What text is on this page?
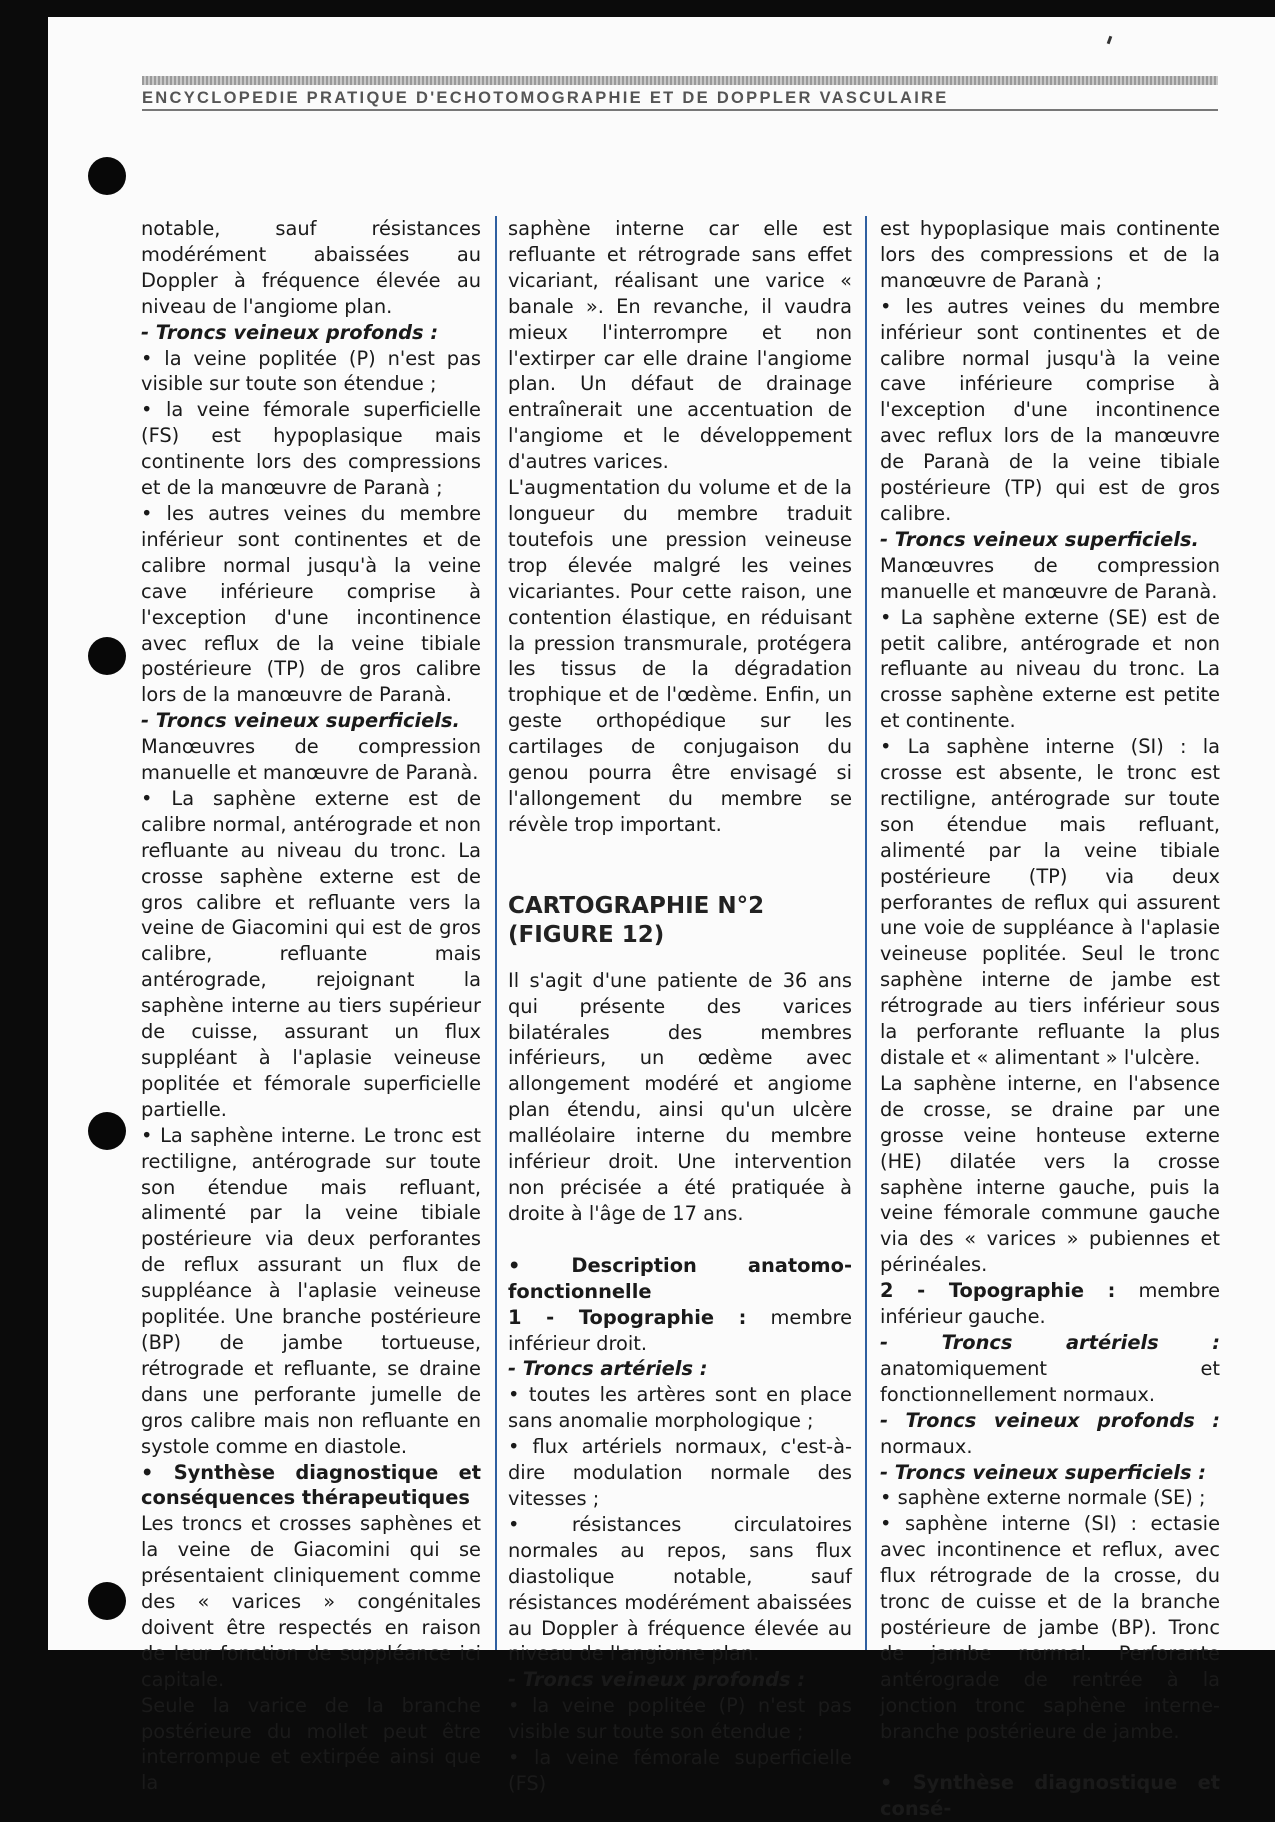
ENCYCLOPEDIE PRATIQUE D'ECHOTOMOGRAPHIE ET DE DOPPLER VASCULAIRE

notable, sauf résistances modérément abaissées au Doppler à fréquence élevée au niveau de l'angiome plan.

- Troncs veineux profonds :

• la veine poplitée (P) n'est pas visible sur toute son étendue ;

• la veine fémorale superficielle (FS) est hypoplasique mais continente lors des compressions et de la manœuvre de Paranà ;

• les autres veines du membre inférieur sont continentes et de calibre normal jusqu'à la veine cave inférieure comprise à l'exception d'une incontinence avec reflux de la veine tibiale postérieure (TP) de gros calibre lors de la manœuvre de Paranà.

- Troncs veineux superficiels.

Manœuvres de compression manuelle et manœuvre de Paranà.

• La saphène externe est de calibre normal, antérograde et non refluante au niveau du tronc. La crosse saphène externe est de gros calibre et refluante vers la veine de Giacomini qui est de gros calibre, refluante mais antérograde, rejoignant la saphène interne au tiers supérieur de cuisse, assurant un flux suppléant à l'aplasie veineuse poplitée et fémorale superficielle partielle.

• La saphène interne. Le tronc est rectiligne, antérograde sur toute son étendue mais refluant, alimenté par la veine tibiale postérieure via deux perforantes de reflux assurant un flux de suppléance à l'aplasie veineuse poplitée. Une branche postérieure (BP) de jambe tortueuse, rétrograde et refluante, se draine dans une perforante jumelle de gros calibre mais non refluante en systole comme en diastole.

• Synthèse diagnostique et conséquences thérapeutiques

Les troncs et crosses saphènes et la veine de Giacomini qui se présentaient cliniquement comme des « varices » congénitales doivent être respectés en raison de leur fonction de suppléance ici capitale.

Seule la varice de la branche postérieure du mollet peut être interrompue et extirpée ainsi que la

saphène interne car elle est refluante et rétrograde sans effet vicariant, réalisant une varice « banale ». En revanche, il vaudra mieux l'interrompre et non l'extirper car elle draine l'angiome plan. Un défaut de drainage entraînerait une accentuation de l'angiome et le développement d'autres varices.

L'augmentation du volume et de la longueur du membre traduit toutefois une pression veineuse trop élevée malgré les veines vicariantes. Pour cette raison, une contention élastique, en réduisant la pression transmurale, protégera les tissus de la dégradation trophique et de l'œdème. Enfin, un geste orthopédique sur les cartilages de conjugaison du genou pourra être envisagé si l'allongement du membre se révèle trop important.

CARTOGRAPHIE N°2

(FIGURE 12)

Il s'agit d'une patiente de 36 ans qui présente des varices bilatérales des membres inférieurs, un œdème avec allongement modéré et angiome plan étendu, ainsi qu'un ulcère malléolaire interne du membre inférieur droit. Une intervention non précisée a été pratiquée à droite à l'âge de 17 ans.

• Description anatomo-fonctionnelle

1 - Topographie : membre inférieur droit.

- Troncs artériels :

• toutes les artères sont en place sans anomalie morphologique ;

• flux artériels normaux, c'est-à-dire modulation normale des vitesses ;

• résistances circulatoires normales au repos, sans flux diastolique notable, sauf résistances modérément abaissées au Doppler à fréquence élevée au niveau de l'angiome plan.

- Troncs veineux profonds :

• la veine poplitée (P) n'est pas visible sur toute son étendue ;

• la veine fémorale superficielle (FS)

est hypoplasique mais continente lors des compressions et de la manœuvre de Paranà ;

• les autres veines du membre inférieur sont continentes et de calibre normal jusqu'à la veine cave inférieure comprise à l'exception d'une incontinence avec reflux lors de la manœuvre de Paranà de la veine tibiale postérieure (TP) qui est de gros calibre.

- Troncs veineux superficiels.

Manœuvres de compression manuelle et manœuvre de Paranà.

• La saphène externe (SE) est de petit calibre, antérograde et non refluante au niveau du tronc. La crosse saphène externe est petite et continente.

• La saphène interne (SI) : la crosse est absente, le tronc est rectiligne, antérograde sur toute son étendue mais refluant, alimenté par la veine tibiale postérieure (TP) via deux perforantes de reflux qui assurent une voie de suppléance à l'aplasie veineuse poplitée. Seul le tronc saphène interne de jambe est rétrograde au tiers inférieur sous la perforante refluante la plus distale et « alimentant » l'ulcère.

La saphène interne, en l'absence de crosse, se draine par une grosse veine honteuse externe (HE) dilatée vers la crosse saphène interne gauche, puis la veine fémorale commune gauche via des « varices » pubiennes et périnéales.

2 - Topographie : membre inférieur gauche.

- Troncs artériels : anatomiquement et fonctionnellement normaux.

- Troncs veineux profonds : normaux.

- Troncs veineux superficiels :

• saphène externe normale (SE) ;

• saphène interne (SI) : ectasie avec incontinence et reflux, avec flux rétrograde de la crosse, du tronc de cuisse et de la branche postérieure de jambe (BP). Tronc de jambe normal. Perforante antérograde de rentrée à la jonction tronc saphène interne-branche postérieure de jambe.

• Synthèse diagnostique et consé-
